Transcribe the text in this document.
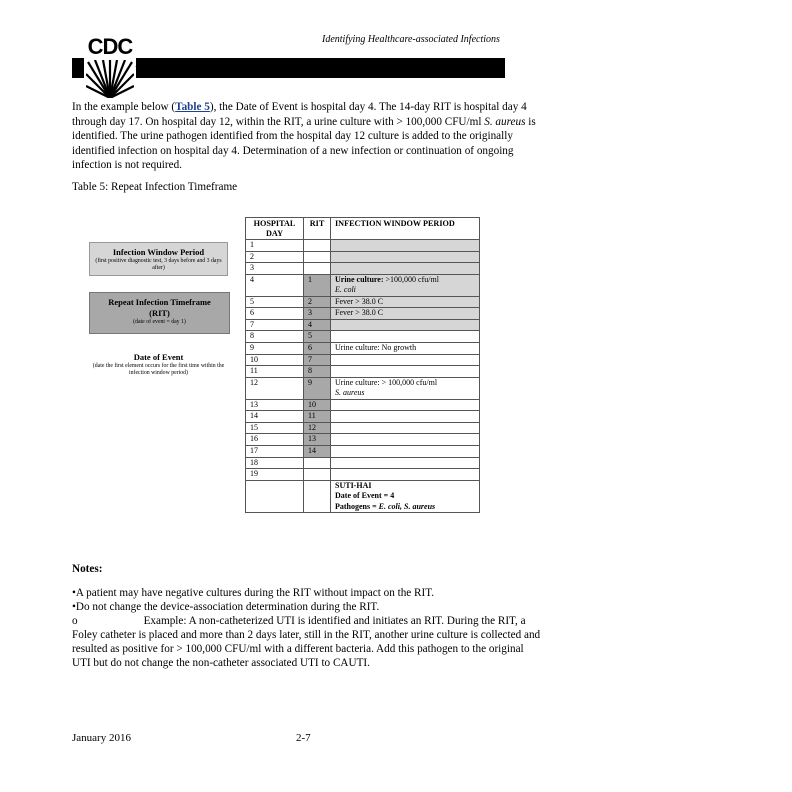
CDC
TM
Identifying Healthcare-associated Infections
In the example below (Table 5), the Date of Event is hospital day 4. The 14-day RIT is hospital day 4 through day 17. On hospital day 12, within the RIT, a urine culture with > 100,000 CFU/ml S. aureus is identified. The urine pathogen identified from the hospital day 12 culture is added to the originally identified infection on hospital day 4. Determination of a new infection or continuation of ongoing infection is not required.
Table 5: Repeat Infection Timeframe
Infection Window Period
(first positive diagnostic test, 3 days before and 3 days after)
Repeat Infection Timeframe
(RIT)
(date of event = day 1)
Date of Event
(date the first element occurs for the first time within the infection window period)
HOSPITAL DAY	RIT	INFECTION WINDOW PERIOD
1		
2		
3		
4	1	Urine culture: >100,000 cfu/ml
E. coli
5	2	Fever > 38.0 C
6	3	Fever > 38.0 C
7	4	
8	5	
9	6	Urine culture: No growth
10	7	
11	8	
12	9	Urine culture: > 100,000 cfu/ml
S. aureus
13	10	
14	11	
15	12	
16	13	
17	14	
18		
19		
		SUTI-HAI
Date of Event = 4
Pathogens = E. coli, S. aureus
Notes:
•A patient may have negative cultures during the RIT without impact on the RIT.
•Do not change the device-association determination during the RIT.
o	Example: A non-catheterized UTI is identified and initiates an RIT. During the RIT, a Foley catheter is placed and more than 2 days later, still in the RIT, another urine culture is collected and resulted as positive for > 100,000 CFU/ml with a different bacteria. Add this pathogen to the original UTI but do not change the non-catheter associated UTI to CAUTI.
January 2016	2-7
